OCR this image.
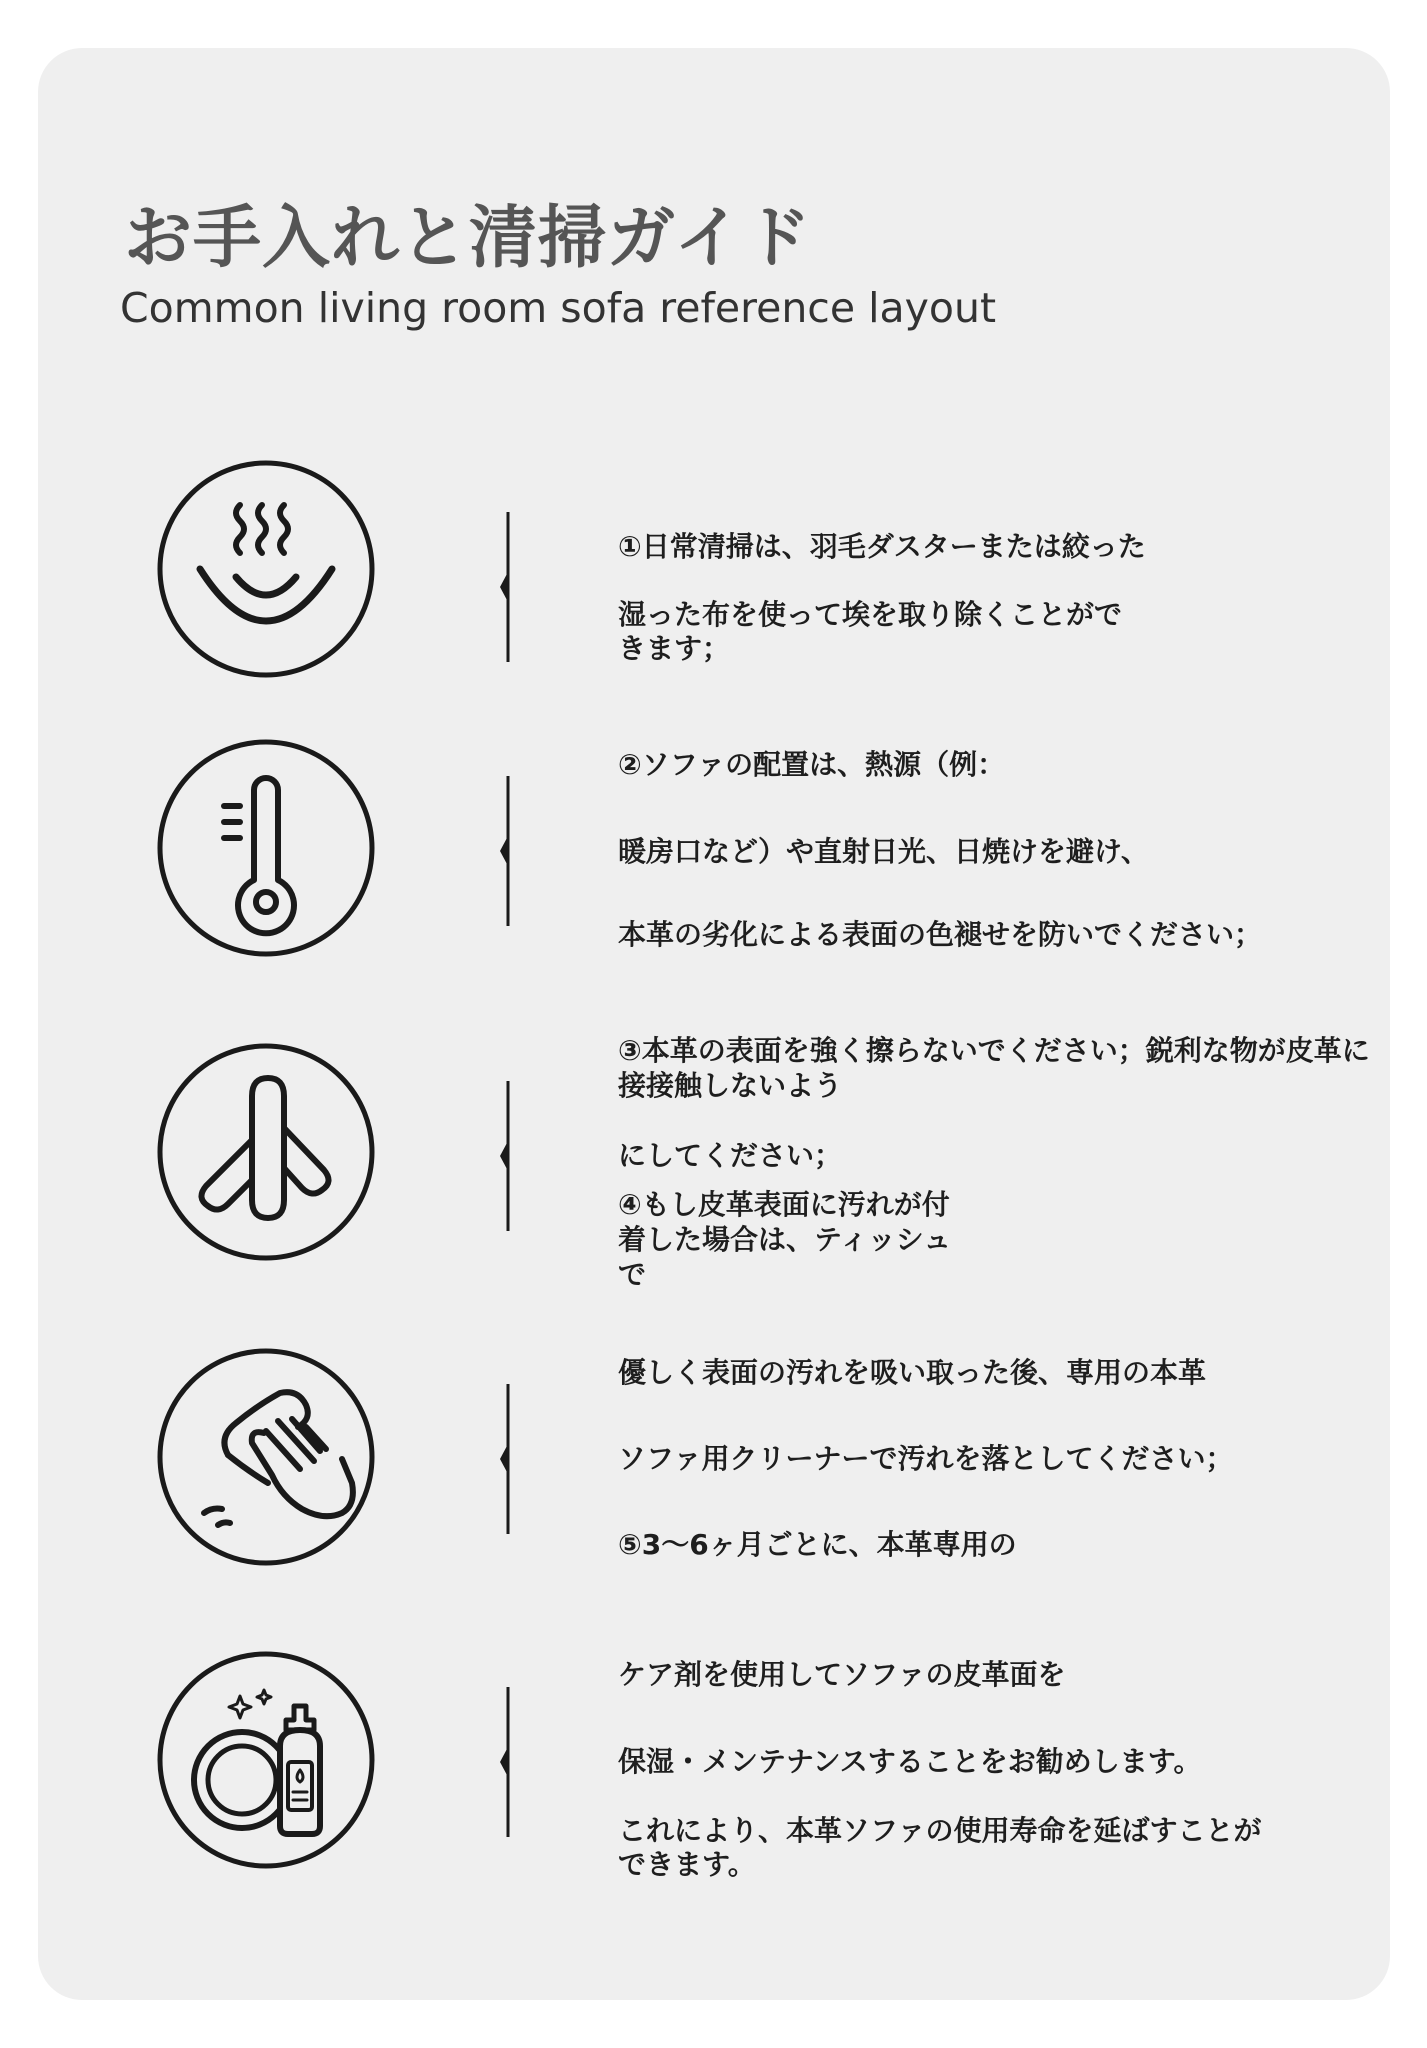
お手入れと清掃ガイド

Common living room sofa reference layout

①日常清掃は、羽毛ダスターまたは絞った
湿った布を使って埃を取り除くことがで
きます；
②ソファの配置は、熱源（例：
暖房口など）や直射日光、日焼けを避け、
本革の劣化による表面の色褪せを防いでください；
③本革の表面を強く擦らないでください；鋭利な物が皮革に
接接触しないよう
にしてください；
④もし皮革表面に汚れが付
着した場合は、ティッシュ
で
優しく表面の汚れを吸い取った後、専用の本革
ソファ用クリーナーで汚れを落としてください；
⑤3～6ヶ月ごとに、本革専用の
ケア剤を使用してソファの皮革面を
保湿・メンテナンスすることをお勧めします。
これにより、本革ソファの使用寿命を延ばすことが
できます。
